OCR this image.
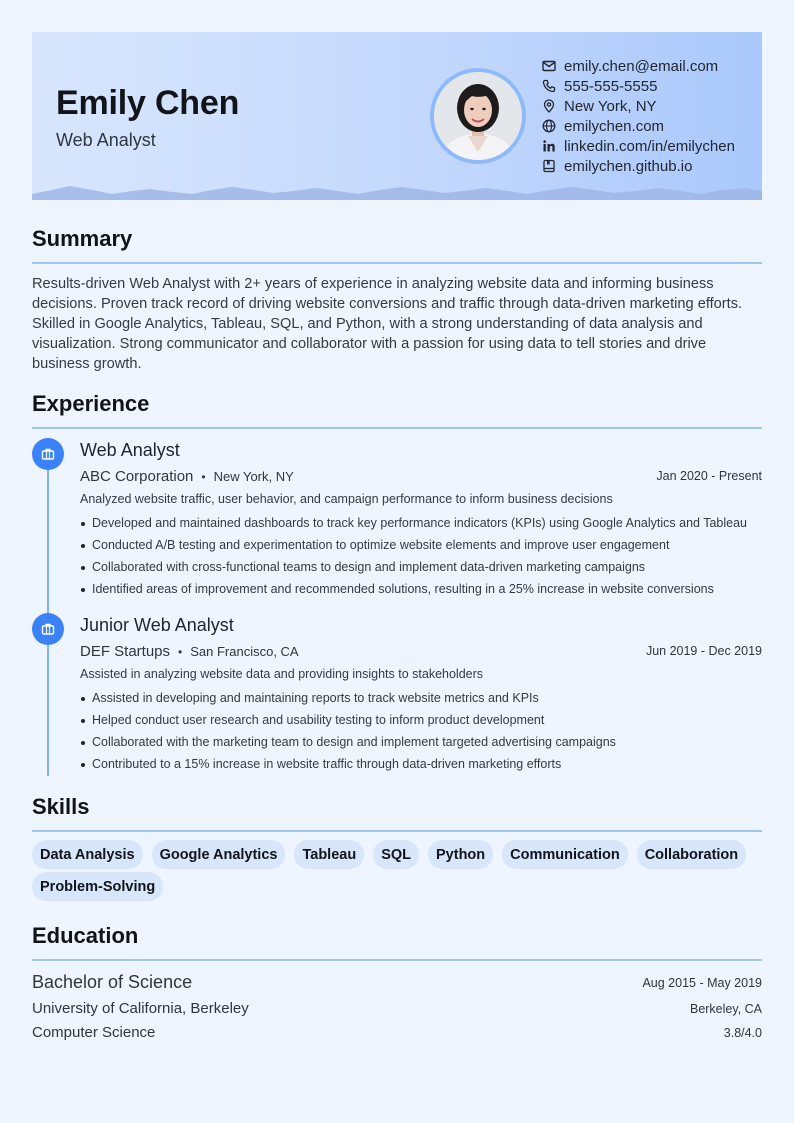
Emily Chen
Web Analyst
emily.chen@email.com
555-555-5555
New York, NY
emilychen.com
linkedin.com/in/emilychen
emilychen.github.io
Summary
Results-driven Web Analyst with 2+ years of experience in analyzing website data and informing business decisions. Proven track record of driving website conversions and traffic through data-driven marketing efforts. Skilled in Google Analytics, Tableau, SQL, and Python, with a strong understanding of data analysis and visualization. Strong communicator and collaborator with a passion for using data to tell stories and drive business growth.
Experience
Web Analyst
ABC Corporation • New York, NY	Jan 2020 - Present
Analyzed website traffic, user behavior, and campaign performance to inform business decisions
Developed and maintained dashboards to track key performance indicators (KPIs) using Google Analytics and Tableau
Conducted A/B testing and experimentation to optimize website elements and improve user engagement
Collaborated with cross-functional teams to design and implement data-driven marketing campaigns
Identified areas of improvement and recommended solutions, resulting in a 25% increase in website conversions
Junior Web Analyst
DEF Startups • San Francisco, CA	Jun 2019 - Dec 2019
Assisted in analyzing website data and providing insights to stakeholders
Assisted in developing and maintaining reports to track website metrics and KPIs
Helped conduct user research and usability testing to inform product development
Collaborated with the marketing team to design and implement targeted advertising campaigns
Contributed to a 15% increase in website traffic through data-driven marketing efforts
Skills
Data Analysis	Google Analytics	Tableau	SQL	Python	Communication	Collaboration
Problem-Solving
Education
Bachelor of Science	Aug 2015 - May 2019
University of California, Berkeley	Berkeley, CA
Computer Science	3.8/4.0
